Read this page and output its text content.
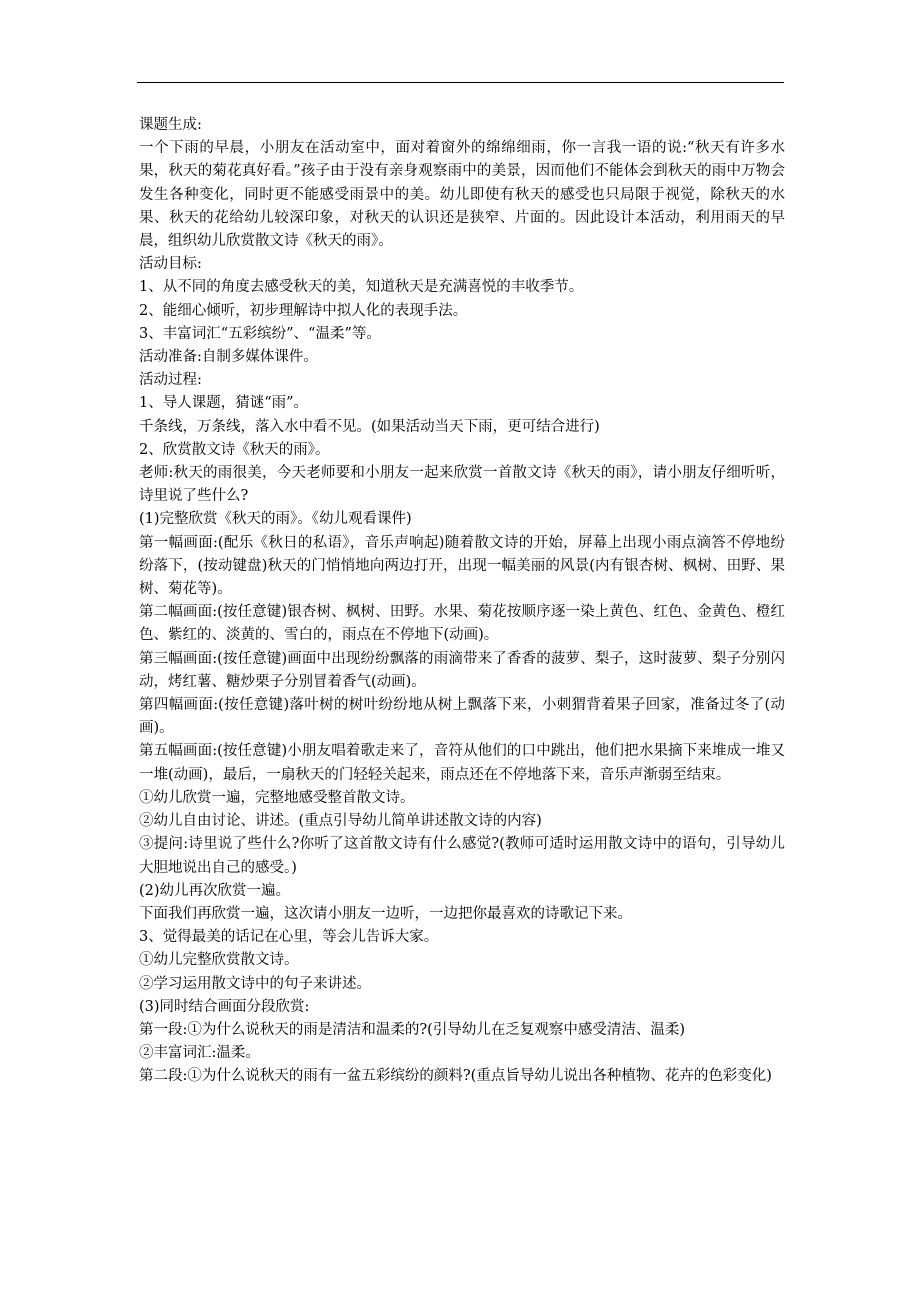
课题生成:

一个下雨的早晨，小朋友在活动室中，面对着窗外的绵绵细雨，你一言我一语的说:“秋天有许多水果，秋天的菊花真好看。”孩子由于没有亲身观察雨中的美景，因而他们不能体会到秋天的雨中万物会发生各种变化，同时更不能感受雨景中的美。幼儿即使有秋天的感受也只局限于视觉，除秋天的水果、秋天的花给幼儿较深印象，对秋天的认识还是狭窄、片面的。因此设计本活动，利用雨天的早晨，组织幼儿欣赏散文诗《秋天的雨》。

活动目标:

1、从不同的角度去感受秋天的美，知道秋天是充满喜悦的丰收季节。

2、能细心倾听，初步理解诗中拟人化的表现手法。

3、丰富词汇“五彩缤纷”、“温柔”等。

活动准备:自制多媒体课件。

活动过程:

1、导人课题，猜谜“雨”。

千条线，万条线，落入水中看不见。(如果活动当天下雨，更可结合进行)

2、欣赏散文诗《秋天的雨》。

老师:秋天的雨很美，今天老师要和小朋友一起来欣赏一首散文诗《秋天的雨》，请小朋友仔细听听，诗里说了些什么?

(1)完整欣赏《秋天的雨》。《幼儿观看课件)

第一幅画面:(配乐《秋日的私语》，音乐声响起)随着散文诗的开始，屏幕上出现小雨点滴答不停地纷纷落下，(按动键盘)秋天的门悄悄地向两边打开，出现一幅美丽的风景(内有银杏树、枫树、田野、果树、菊花等)。

第二幅画面:(按任意键)银杏树、枫树、田野。水果、菊花按顺序逐一染上黄色、红色、金黄色、橙红色、紫红的、淡黄的、雪白的，雨点在不停地下(动画)。

第三幅画面:(按任意键)画面中出现纷纷飘落的雨滴带来了香香的菠萝、梨子，这时菠萝、梨子分别闪动，烤红薯、糖炒栗子分别冒着香气(动画)。

第四幅画面:(按任意键)落叶树的树叶纷纷地从树上飘落下来，小刺猬背着果子回家，准备过冬了(动画)。

第五幅画面:(按任意键)小朋友唱着歌走来了，音符从他们的口中跳出，他们把水果摘下来堆成一堆又一堆(动画)，最后，一扇秋天的门轻轻关起来，雨点还在不停地落下来，音乐声渐弱至结束。

①幼儿欣赏一遍，完整地感受整首散文诗。

②幼儿自由讨论、讲述。(重点引导幼儿简单讲述散文诗的内容)

③提问:诗里说了些什么?你听了这首散文诗有什么感觉?(教师可适时运用散文诗中的语句，引导幼儿大胆地说出自己的感受。)

(2)幼儿再次欣赏一遍。

下面我们再欣赏一遍，这次请小朋友一边听，一边把你最喜欢的诗歌记下来。

3、觉得最美的话记在心里，等会儿告诉大家。

①幼儿完整欣赏散文诗。

②学习运用散文诗中的句子来讲述。

(3)同时结合画面分段欣赏:

第一段:①为什么说秋天的雨是清洁和温柔的?(引导幼儿在乏复观察中感受清洁、温柔)

②丰富词汇:温柔。

第二段:①为什么说秋天的雨有一盆五彩缤纷的颜料?(重点旨导幼儿说出各种植物、花卉的色彩变化)
